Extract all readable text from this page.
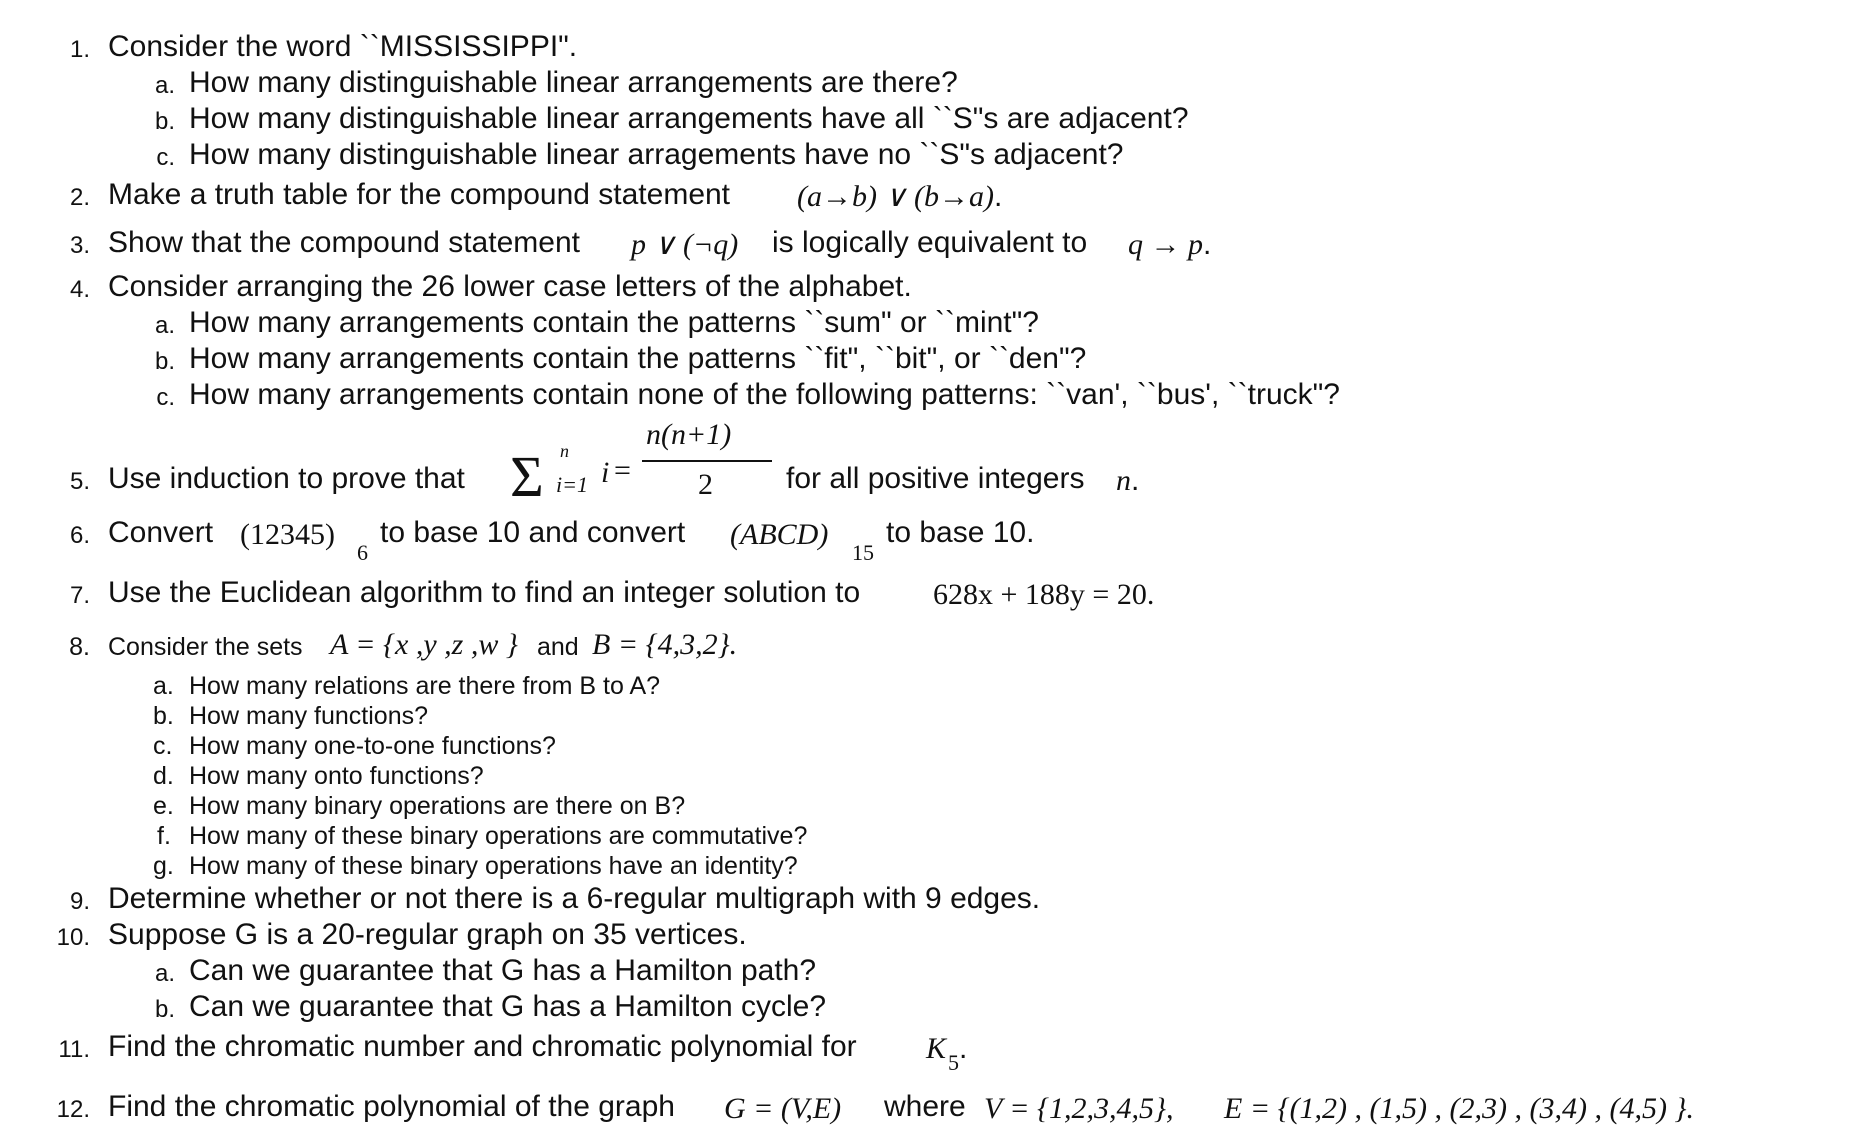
1. Consider the word ``MISSISSIPPI".
a. How many distinguishable linear arrangements are there?
b. How many distinguishable linear arrangements have all ``S"s are adjacent?
c. How many distinguishable linear arragements have no ``S"s adjacent?
2. Make a truth table for the compound statement (a→b) ∨ (b→a).
3. Show that the compound statement p ∨ (¬q) is logically equivalent to q → p.
4. Consider arranging the 26 lower case letters of the alphabet.
a. How many arrangements contain the patterns ``sum" or ``mint"?
b. How many arrangements contain the patterns ``fit", ``bit", or ``den"?
c. How many arrangements contain none of the following patterns: ``van', ``bus', ``truck"?
5. Use induction to prove that Σ n
i=1 i =
n(n+1)
2 for all positive integers n.
6. Convert (12345)
6
to base 10 and convert (ABCD)
15
to base 10.
7. Use the Euclidean algorithm to find an integer solution to 628x + 188y = 20.
8. Consider the sets A = {x ,y ,z ,w } and B = {4,3,2}.
a. How many relations are there from B to A?
b. How many functions?
c. How many one-to-one functions?
d. How many onto functions?
e. How many binary operations are there on B?
f. How many of these binary operations are commutative?
g. How many of these binary operations have an identity?
9. Determine whether or not there is a 6-regular multigraph with 9 edges.
10. Suppose G is a 20-regular graph on 35 vertices.
a. Can we guarantee that G has a Hamilton path?
b. Can we guarantee that G has a Hamilton cycle?
11. Find the chromatic number and chromatic polynomial for $K_5$.
12. Find the chromatic polynomial of the graph G = (V,E) where V = {1,2,3,4,5}, E = {(1,2) , (1,5) , (2,3) , (3,4) , (4,5) }.
